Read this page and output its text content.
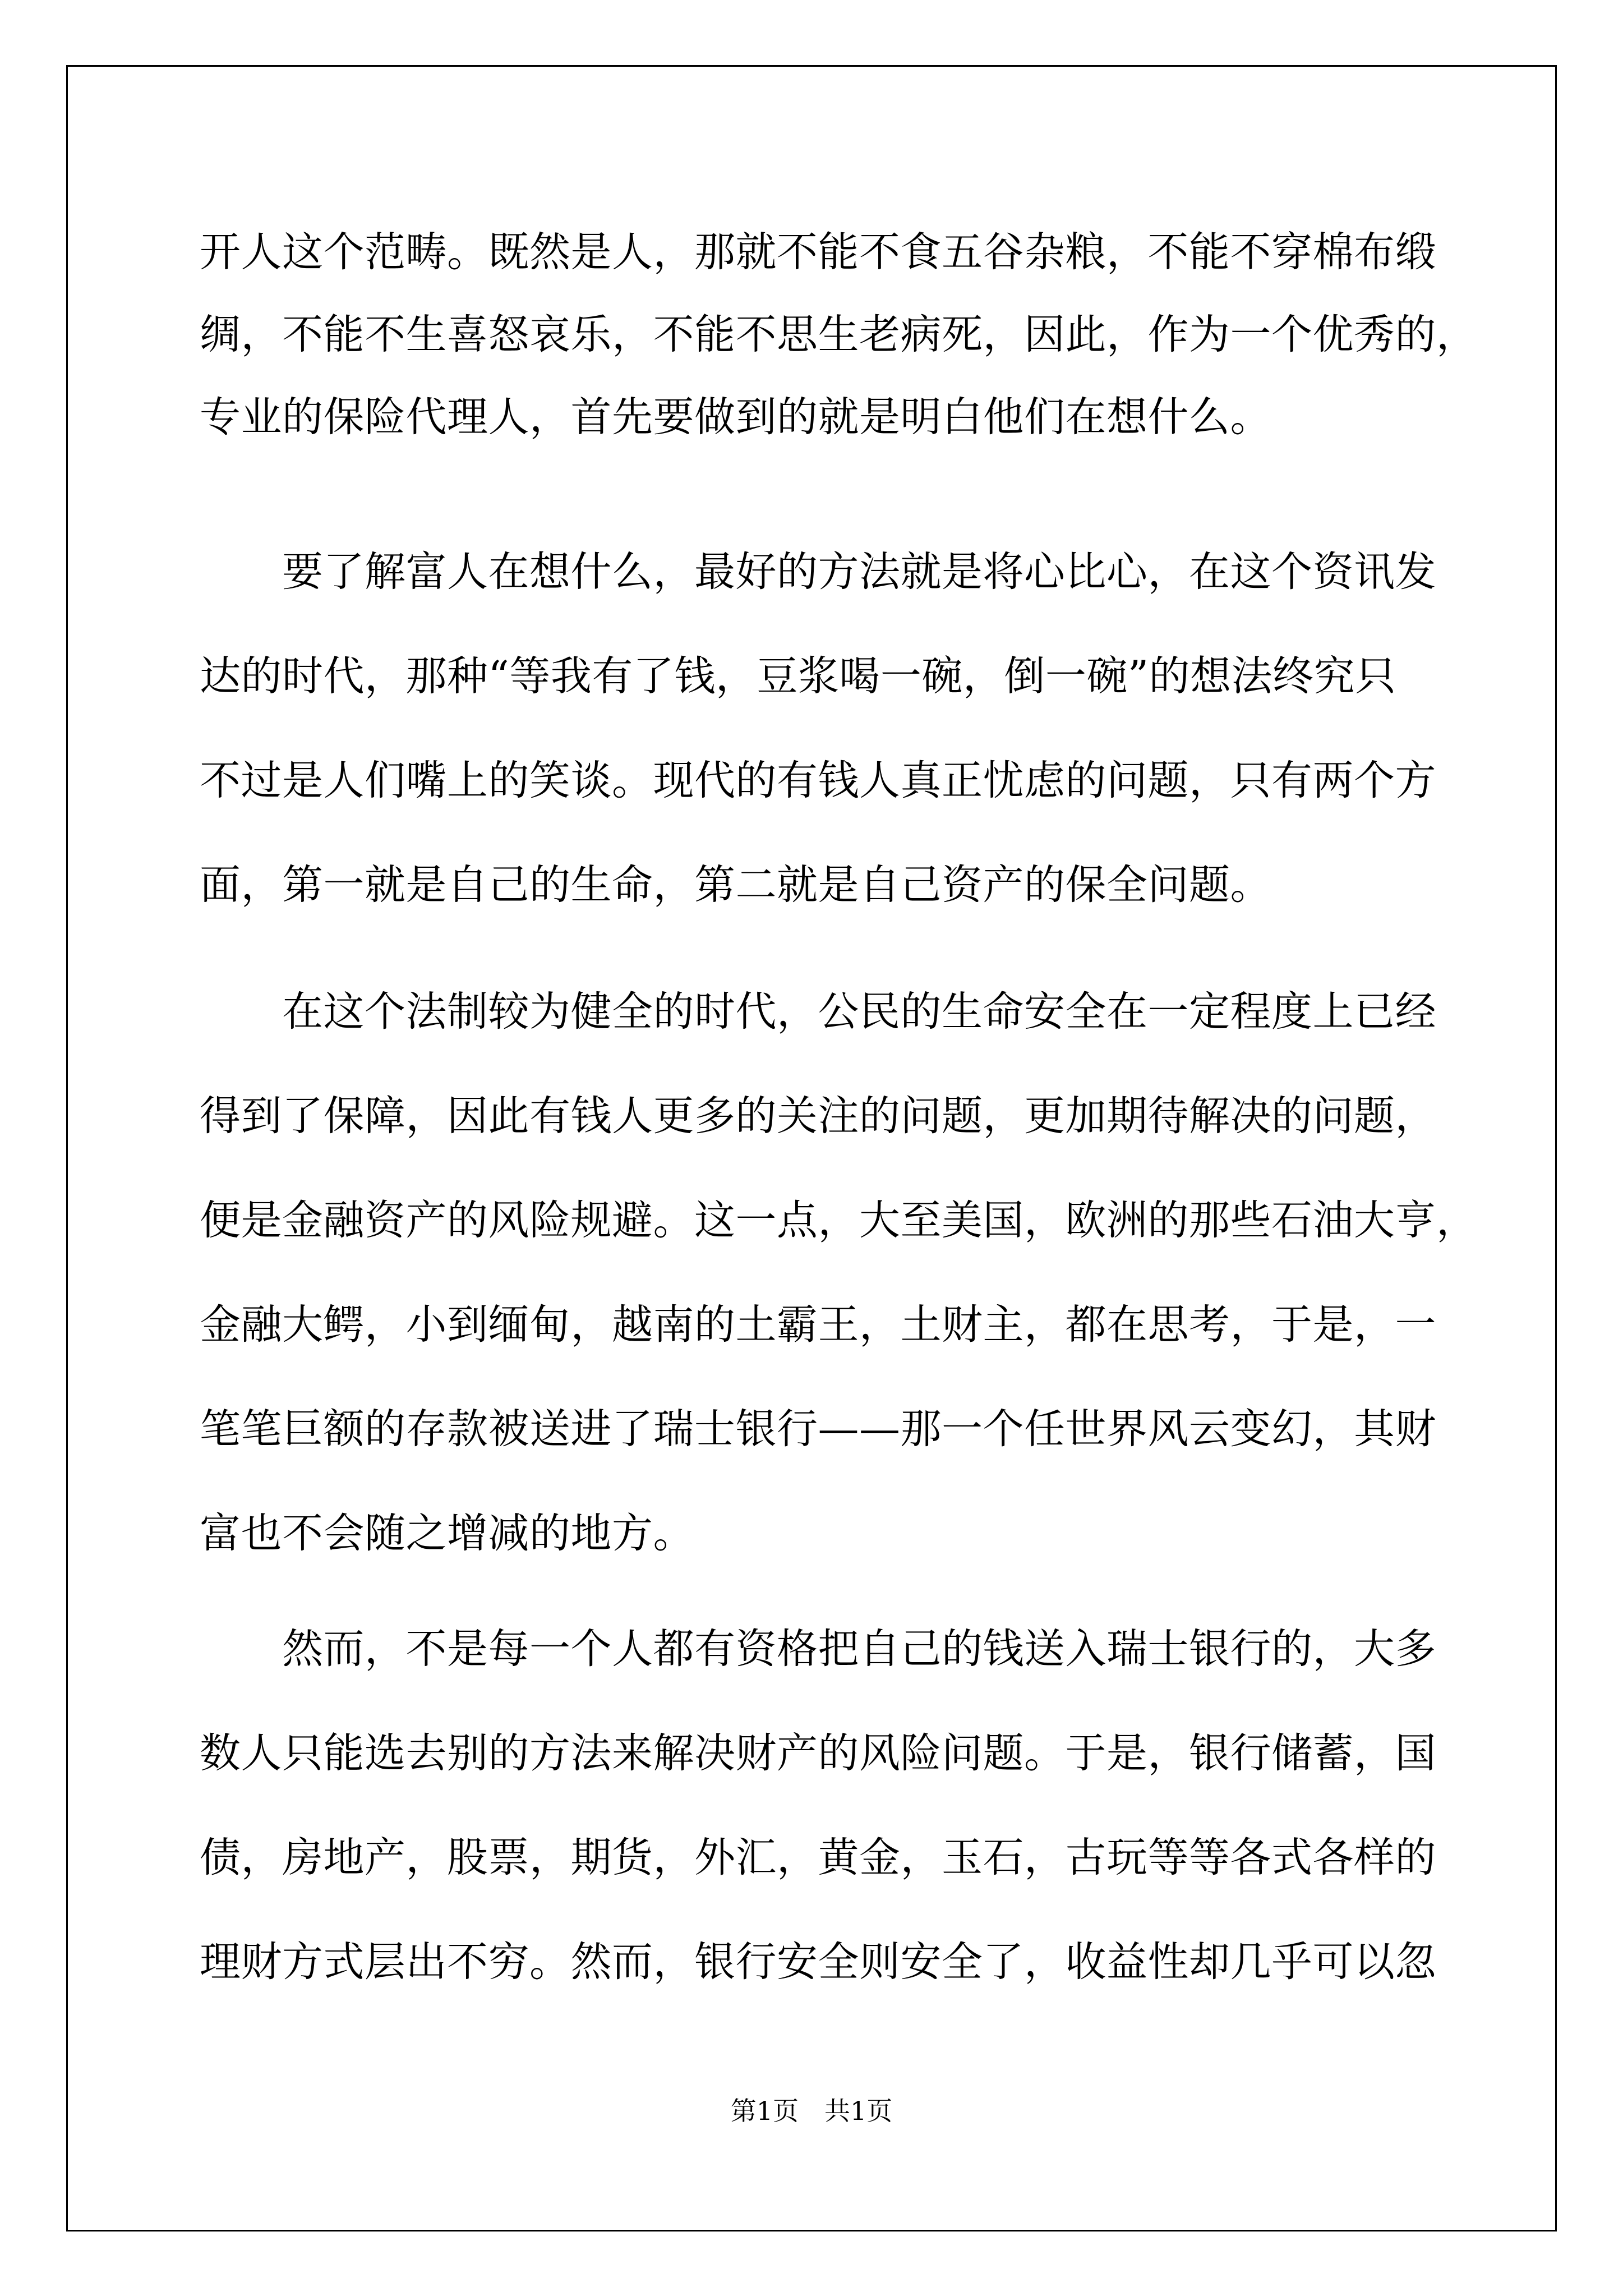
开人这个范畴。既然是人，那就不能不食五谷杂粮，不能不穿棉布缎
绸，不能不生喜怒哀乐，不能不思生老病死，因此，作为一个优秀的，
专业的保险代理人，首先要做到的就是明白他们在想什么。
　　要了解富人在想什么，最好的方法就是将心比心，在这个资讯发
达的时代，那种“等我有了钱，豆浆喝一碗，倒一碗”的想法终究只
不过是人们嘴上的笑谈。现代的有钱人真正忧虑的问题，只有两个方
面，第一就是自己的生命，第二就是自己资产的保全问题。
　　在这个法制较为健全的时代，公民的生命安全在一定程度上已经
得到了保障，因此有钱人更多的关注的问题，更加期待解决的问题，
便是金融资产的风险规避。这一点，大至美国，欧洲的那些石油大亨，
金融大鳄，小到缅甸，越南的土霸王，土财主，都在思考，于是，一
笔笔巨额的存款被送进了瑞士银行——那一个任世界风云变幻，其财
富也不会随之增减的地方。
　　然而，不是每一个人都有资格把自己的钱送入瑞士银行的，大多
数人只能选去别的方法来解决财产的风险问题。于是，银行储蓄，国
债，房地产，股票，期货，外汇，黄金，玉石，古玩等等各式各样的
理财方式层出不穷。然而，银行安全则安全了，收益性却几乎可以忽
第1页　共1页
